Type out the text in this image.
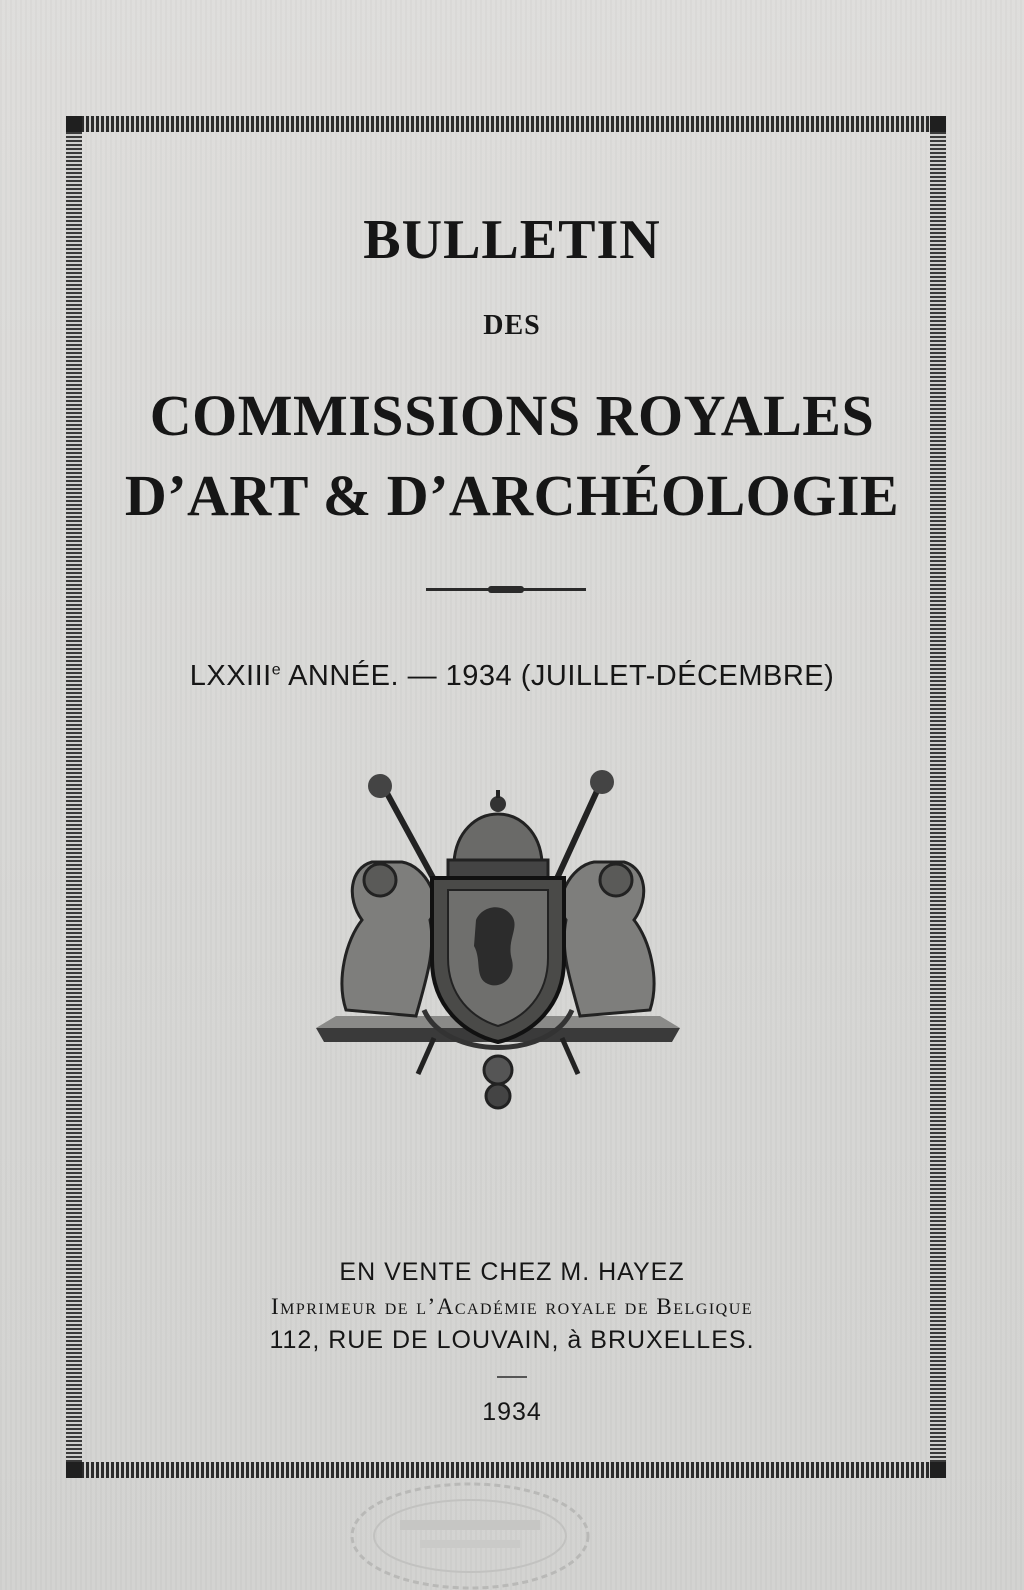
BULLETIN
DES
COMMISSIONS ROYALES
D’ART & D’ARCHÉOLOGIE
LXXIIIe ANNÉE. — 1934 (JUILLET-DÉCEMBRE)
EN VENTE CHEZ M. HAYEZ
Imprimeur de l’Académie royale de Belgique
112, RUE DE LOUVAIN, à BRUXELLES.
1934
